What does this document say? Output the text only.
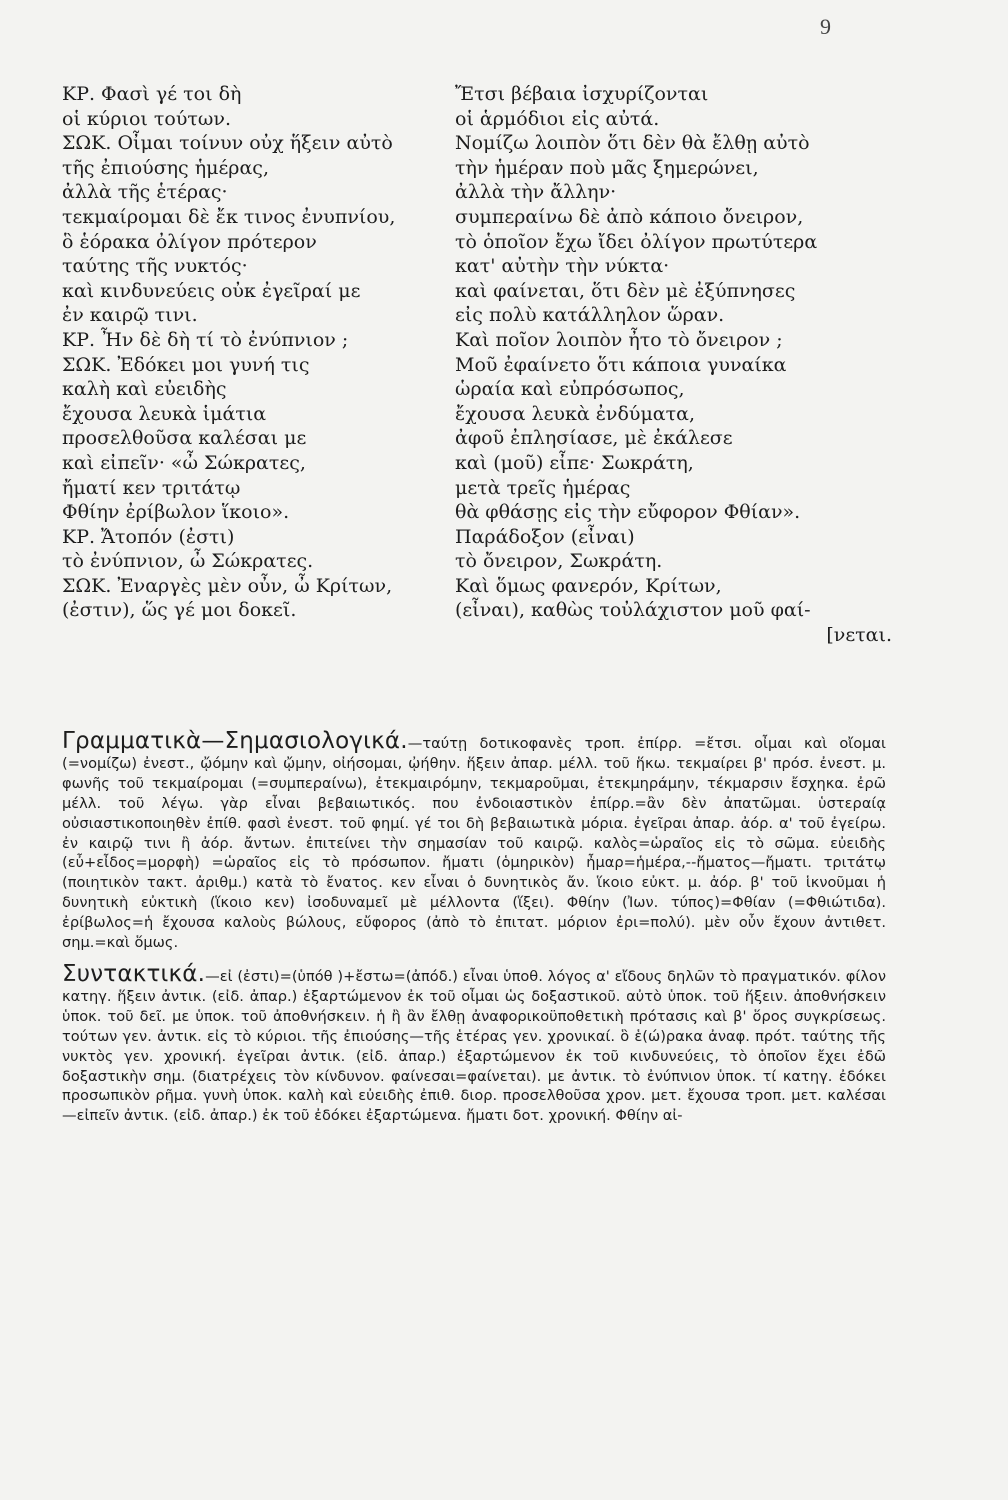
9
ΚΡ. Φασὶ γέ τοι δὴ	Ἔτσι βέβαια ἰσχυρίζονται
οἱ κύριοι τούτων.	οἱ ἁρμόδιοι εἰς αὐτά.
ΣΩΚ. Οἶμαι τοίνυν οὐχ ἥξειν αὐτὸ	Νομίζω λοιπὸν ὅτι δὲν θὰ ἔλθῃ αὐτὸ
τῆς ἐπιούσης ἡμέρας,	τὴν ἡμέραν ποὺ μᾶς ξημερώνει,
ἀλλὰ τῆς ἑτέρας·	ἀλλὰ τὴν ἄλλην·
τεκμαίρομαι δὲ ἔκ τινος ἐνυπνίου,	συμπεραίνω δὲ ἀπὸ κάποιο ὄνειρον,
ὃ ἑόρακα ὀλίγον πρότερον	τὸ ὁποῖον ἔχω ἴδει ὀλίγον πρωτύτερα
ταύτης τῆς νυκτός·	κατ' αὐτὴν τὴν νύκτα·
καὶ κινδυνεύεις οὐκ ἐγεῖραί με	καὶ φαίνεται, ὅτι δὲν μὲ ἐξύπνησες
ἐν καιρῷ τινι.	εἰς πολὺ κατάλληλον ὥραν.
ΚΡ. Ἦν δὲ δὴ τί τὸ ἐνύπνιον ;	Καὶ ποῖον λοιπὸν ἦτο τὸ ὄνειρον ;
ΣΩΚ. Ἐδόκει μοι γυνή τις	Μοῦ ἐφαίνετο ὅτι κάποια γυναίκα
καλὴ καὶ εὐειδὴς	ὡραία καὶ εὐπρόσωπος,
ἔχουσα λευκὰ ἱμάτια	ἔχουσα λευκὰ ἐνδύματα,
προσελθοῦσα καλέσαι με	ἀφοῦ ἐπλησίασε, μὲ ἐκάλεσε
καὶ εἰπεῖν· «ὦ Σώκρατες,	καὶ (μοῦ) εἶπε· Σωκράτη,
ἤματί κεν τριτάτῳ	μετὰ τρεῖς ἡμέρας
Φθίην ἐρίβωλον ἵκοιο».	θὰ φθάσῃς εἰς τὴν εὔφορον Φθίαν».
ΚΡ. Ἄτοπόν (ἐστι)	Παράδοξον (εἶναι)
τὸ ἐνύπνιον, ὦ Σώκρατες.	τὸ ὄνειρον, Σωκράτη.
ΣΩΚ. Ἐναργὲς μὲν οὖν, ὦ Κρίτων,	Καὶ ὅμως φανερόν, Κρίτων,
(ἐστιν), ὥς γέ μοι δοκεῖ.	(εἶναι), καθὼς τοὐλάχιστον μοῦ φαί-
[νεται.

Γραμματικὰ—Σημασιολογικά.—ταύτῃ δοτικοφανὲς τροπ. ἐπίρρ. =ἔτσι. οἶμαι καὶ οἴομαι (=νομίζω) ἐνεστ., ᾤόμην καὶ ᾤμην, οἰήσομαι, ᾠήθην. ἥξειν ἀπαρ. μέλλ. τοῦ ἥκω. τεκμαίρει β' πρόσ. ἐνεστ. μ. φωνῆς τοῦ τεκμαίρομαι (=συμπεραίνω), ἐτεκμαιρόμην, τεκμαροῦμαι, ἐτεκμηράμην, τέκμαρσιν ἔσχηκα. ἐρῶ μέλλ. τοῦ λέγω. γὰρ εἶναι βεβαιωτικός. που ἐνδοιαστικὸν ἐπίρρ.=ἂν δὲν ἀπατῶμαι. ὑστεραίᾳ οὐσιαστικοποιηθὲν ἐπίθ. φασὶ ἐνεστ. τοῦ φημί. γέ τοι δὴ βεβαιωτικὰ μόρια. ἐγεῖραι ἀπαρ. ἀόρ. α' τοῦ ἐγείρω. ἐν καιρῷ τινι ἢ ἀόρ. ἄντων. ἐπιτείνει τὴν σημασίαν τοῦ καιρῷ. καλὸς=ὡραῖος εἰς τὸ σῶμα. εὐειδὴς (εὖ+εἶδος=μορφὴ) =ὡραῖος εἰς τὸ πρόσωπον. ἤματι (ὁμηρικὸν) ἦμαρ=ἡμέρα,--ἤματος—ἤματι. τριτάτῳ (ποιητικὸν τακτ. ἀριθμ.) κατὰ τὸ ἔνατος. κεν εἶναι ὁ δυνητικὸς ἄν. ἵκοιο εὐκτ. μ. ἀόρ. β' τοῦ ἱκνοῦμαι ἡ δυνητικὴ εὐκτικὴ (ἵκοιο κεν) ἰσοδυναμεῖ μὲ μέλλοντα (ἵξει). Φθίην (Ἰων. τύπος)=Φθίαν (=Φθιώτιδα). ἐρίβωλος=ἡ ἔχουσα καλοὺς βώλους, εὔφορος (ἀπὸ τὸ ἐπιτατ. μόριον ἐρι=πολύ). μὲν οὖν ἔχουν ἀντιθετ. σημ.=καὶ ὅμως.

Συντακτικά.—εἰ (ἐστι)=(ὑπόθ )+ἔστω=(ἀπόδ.) εἶναι ὑποθ. λόγος α' εἴδους δηλῶν τὸ πραγματικόν. φίλον κατηγ. ἥξειν ἀντικ. (εἰδ. ἀπαρ.) ἐξαρτώμενον ἐκ τοῦ οἶμαι ὡς δοξαστικοῦ. αὐτὸ ὑποκ. τοῦ ἥξειν. ἀποθνήσκειν ὑποκ. τοῦ δεῖ. με ὑποκ. τοῦ ἀποθνήσκειν. ἡ ἢ ἂν ἔλθῃ ἀναφορικοϋποθετικὴ πρότασις καὶ β' ὅρος συγκρίσεως. τούτων γεν. ἀντικ. εἰς τὸ κύριοι. τῆς ἐπιούσης—τῆς ἑτέρας γεν. χρονικαί. ὃ ἑ(ώ)ρακα ἀναφ. πρότ. ταύτης τῆς νυκτὸς γεν. χρονική. ἐγεῖραι ἀντικ. (εἰδ. ἀπαρ.) ἐξαρτώμενον ἐκ τοῦ κινδυνεύεις, τὸ ὁποῖον ἔχει ἐδῶ δοξαστικὴν σημ. (διατρέχεις τὸν κίνδυνον. φαίνεσαι=φαίνεται). με ἀντικ. τὸ ἐνύπνιον ὑποκ. τί κατηγ. ἐδόκει προσωπικὸν ρῆμα. γυνὴ ὑποκ. καλὴ καὶ εὐειδὴς ἐπιθ. διορ. προσελθοῦσα χρον. μετ. ἔχουσα τροπ. μετ. καλέσαι—εἰπεῖν ἀντικ. (εἰδ. ἀπαρ.) ἐκ τοῦ ἐδόκει ἐξαρτώμενα. ἤματι δοτ. χρονική. Φθίην αἰ-
